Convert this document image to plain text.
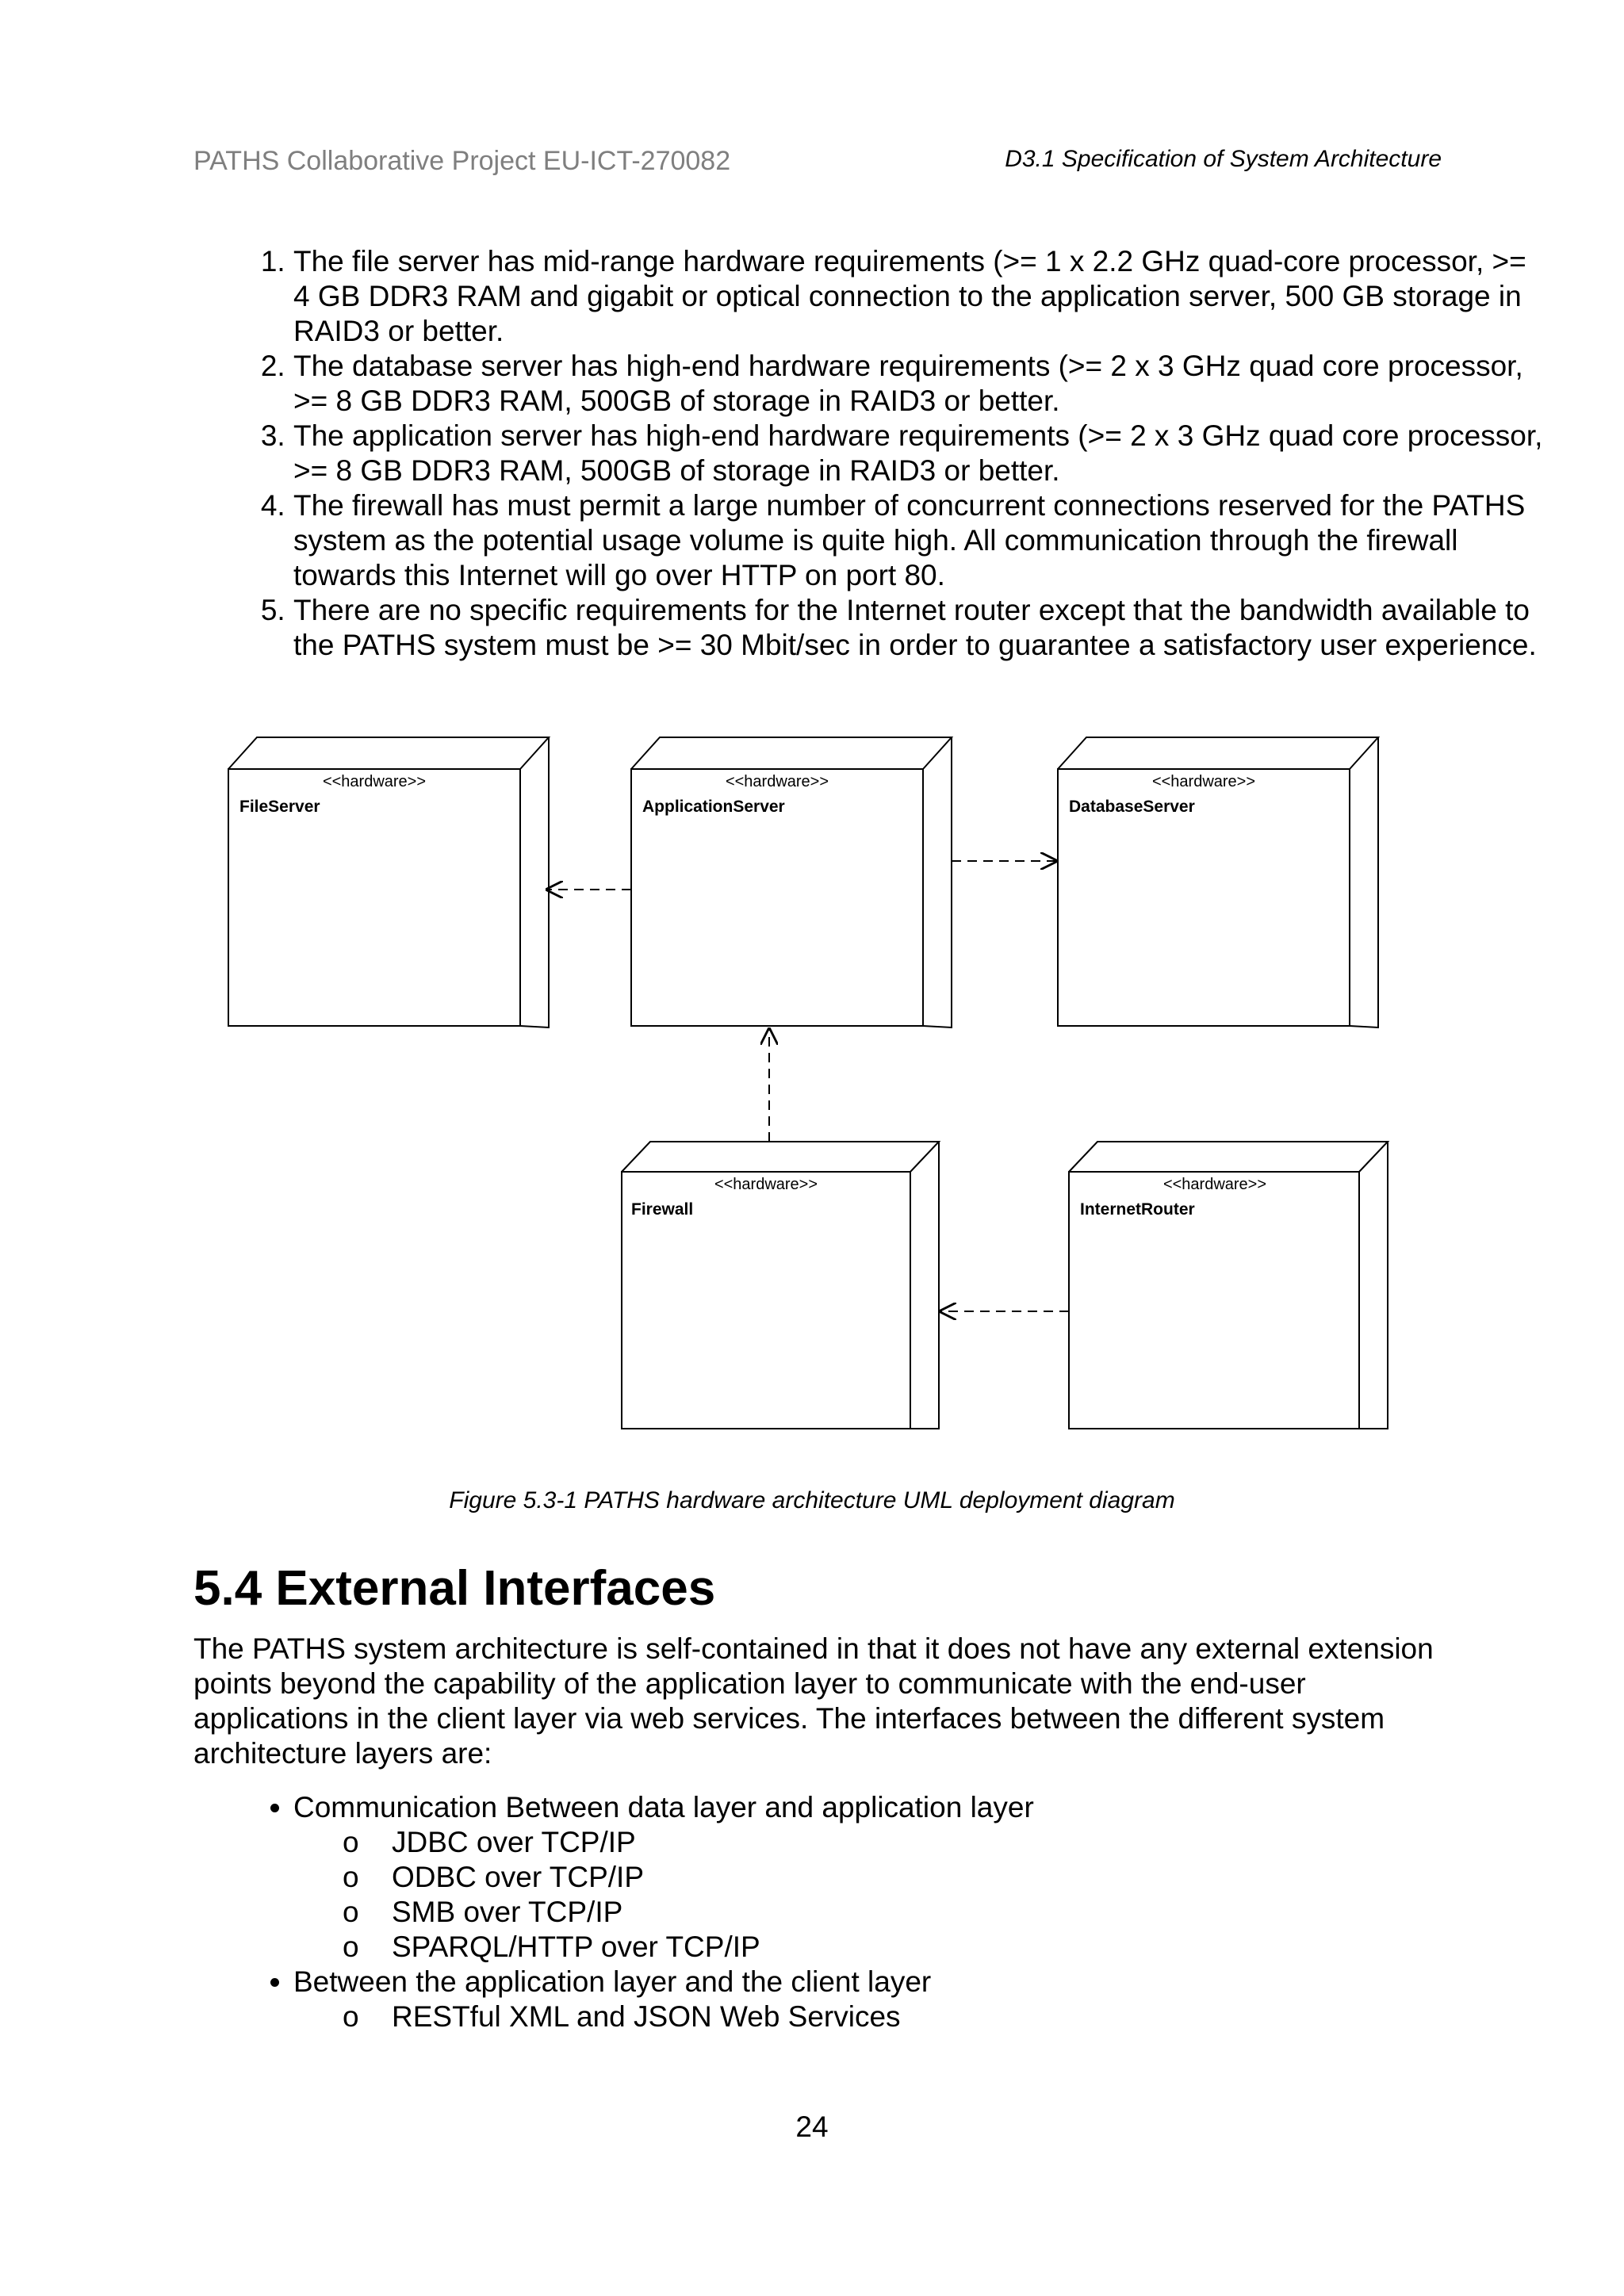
PATHS Collaborative Project EU-ICT-270082	D3.1 Specification of System Architecture
1. The file server has mid-range hardware requirements (>= 1 x 2.2 GHz quad-core processor, >= 4 GB DDR3 RAM and gigabit or optical connection to the application server, 500 GB storage in RAID3 or better.
2. The database server has high-end hardware requirements (>= 2 x 3 GHz quad core processor, >= 8 GB DDR3 RAM, 500GB of storage in RAID3 or better.
3. The application server has high-end hardware requirements (>= 2 x 3 GHz quad core processor, >= 8 GB DDR3 RAM, 500GB of storage in RAID3 or better.
4. The firewall has must permit a large number of concurrent connections reserved for the PATHS system as the potential usage volume is quite high. All communication through the firewall towards this Internet will go over HTTP on port 80.
5. There are no specific requirements for the Internet router except that the bandwidth available to the PATHS system must be >= 30 Mbit/sec in order to guarantee a satisfactory user experience.
<<hardware>>
FileServer
<<hardware>>
ApplicationServer
<<hardware>>
DatabaseServer
<<hardware>>
Firewall
<<hardware>>
InternetRouter
Figure 5.3-1 PATHS hardware architecture UML deployment diagram
5.4 External Interfaces

The PATHS system architecture is self-contained in that it does not have any external extension points beyond the capability of the application layer to communicate with the end-user applications in the client layer via web services. The interfaces between the different system architecture layers are:

• Communication Between data layer and application layer
o JDBC over TCP/IP
o ODBC over TCP/IP
o SMB over TCP/IP
o SPARQL/HTTP over TCP/IP
• Between the application layer and the client layer
o RESTful XML and JSON Web Services
24
